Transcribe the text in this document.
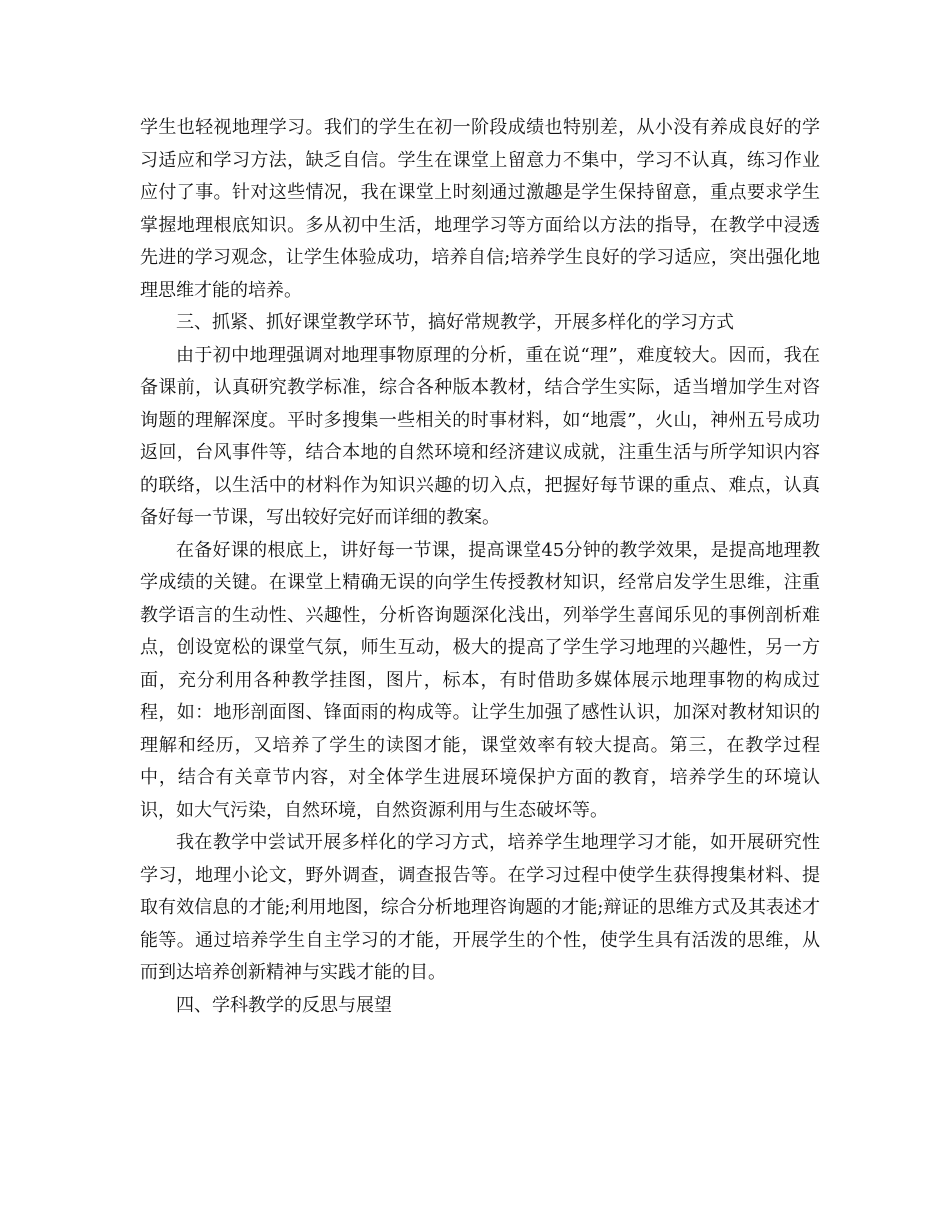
学生也轻视地理学习。我们的学生在初一阶段成绩也特别差，从小没有养成良好的学习适应和学习方法，缺乏自信。学生在课堂上留意力不集中，学习不认真，练习作业应付了事。针对这些情况，我在课堂上时刻通过激趣是学生保持留意，重点要求学生掌握地理根底知识。多从初中生活，地理学习等方面给以方法的指导，在教学中浸透先进的学习观念，让学生体验成功，培养自信;培养学生良好的学习适应，突出强化地理思维才能的培养。

三、抓紧、抓好课堂教学环节，搞好常规教学，开展多样化的学习方式

由于初中地理强调对地理事物原理的分析，重在说“理”，难度较大。因而，我在备课前，认真研究教学标准，综合各种版本教材，结合学生实际，适当增加学生对咨询题的理解深度。平时多搜集一些相关的时事材料，如“地震”，火山，神州五号成功返回，台风事件等，结合本地的自然环境和经济建议成就，注重生活与所学知识内容的联络，以生活中的材料作为知识兴趣的切入点，把握好每节课的重点、难点，认真备好每一节课，写出较好完好而详细的教案。

在备好课的根底上，讲好每一节课，提高课堂45分钟的教学效果，是提高地理教学成绩的关键。在课堂上精确无误的向学生传授教材知识，经常启发学生思维，注重教学语言的生动性、兴趣性，分析咨询题深化浅出，列举学生喜闻乐见的事例剖析难点，创设宽松的课堂气氛，师生互动，极大的提高了学生学习地理的兴趣性，另一方面，充分利用各种教学挂图，图片，标本，有时借助多媒体展示地理事物的构成过程，如：地形剖面图、锋面雨的构成等。让学生加强了感性认识，加深对教材知识的理解和经历，又培养了学生的读图才能，课堂效率有较大提高。第三，在教学过程中，结合有关章节内容，对全体学生进展环境保护方面的教育，培养学生的环境认识，如大气污染，自然环境，自然资源利用与生态破坏等。

我在教学中尝试开展多样化的学习方式，培养学生地理学习才能，如开展研究性学习，地理小论文，野外调查，调查报告等。在学习过程中使学生获得搜集材料、提取有效信息的才能;利用地图，综合分析地理咨询题的才能;辩证的思维方式及其表述才能等。通过培养学生自主学习的才能，开展学生的个性，使学生具有活泼的思维，从而到达培养创新精神与实践才能的目。

四、学科教学的反思与展望
